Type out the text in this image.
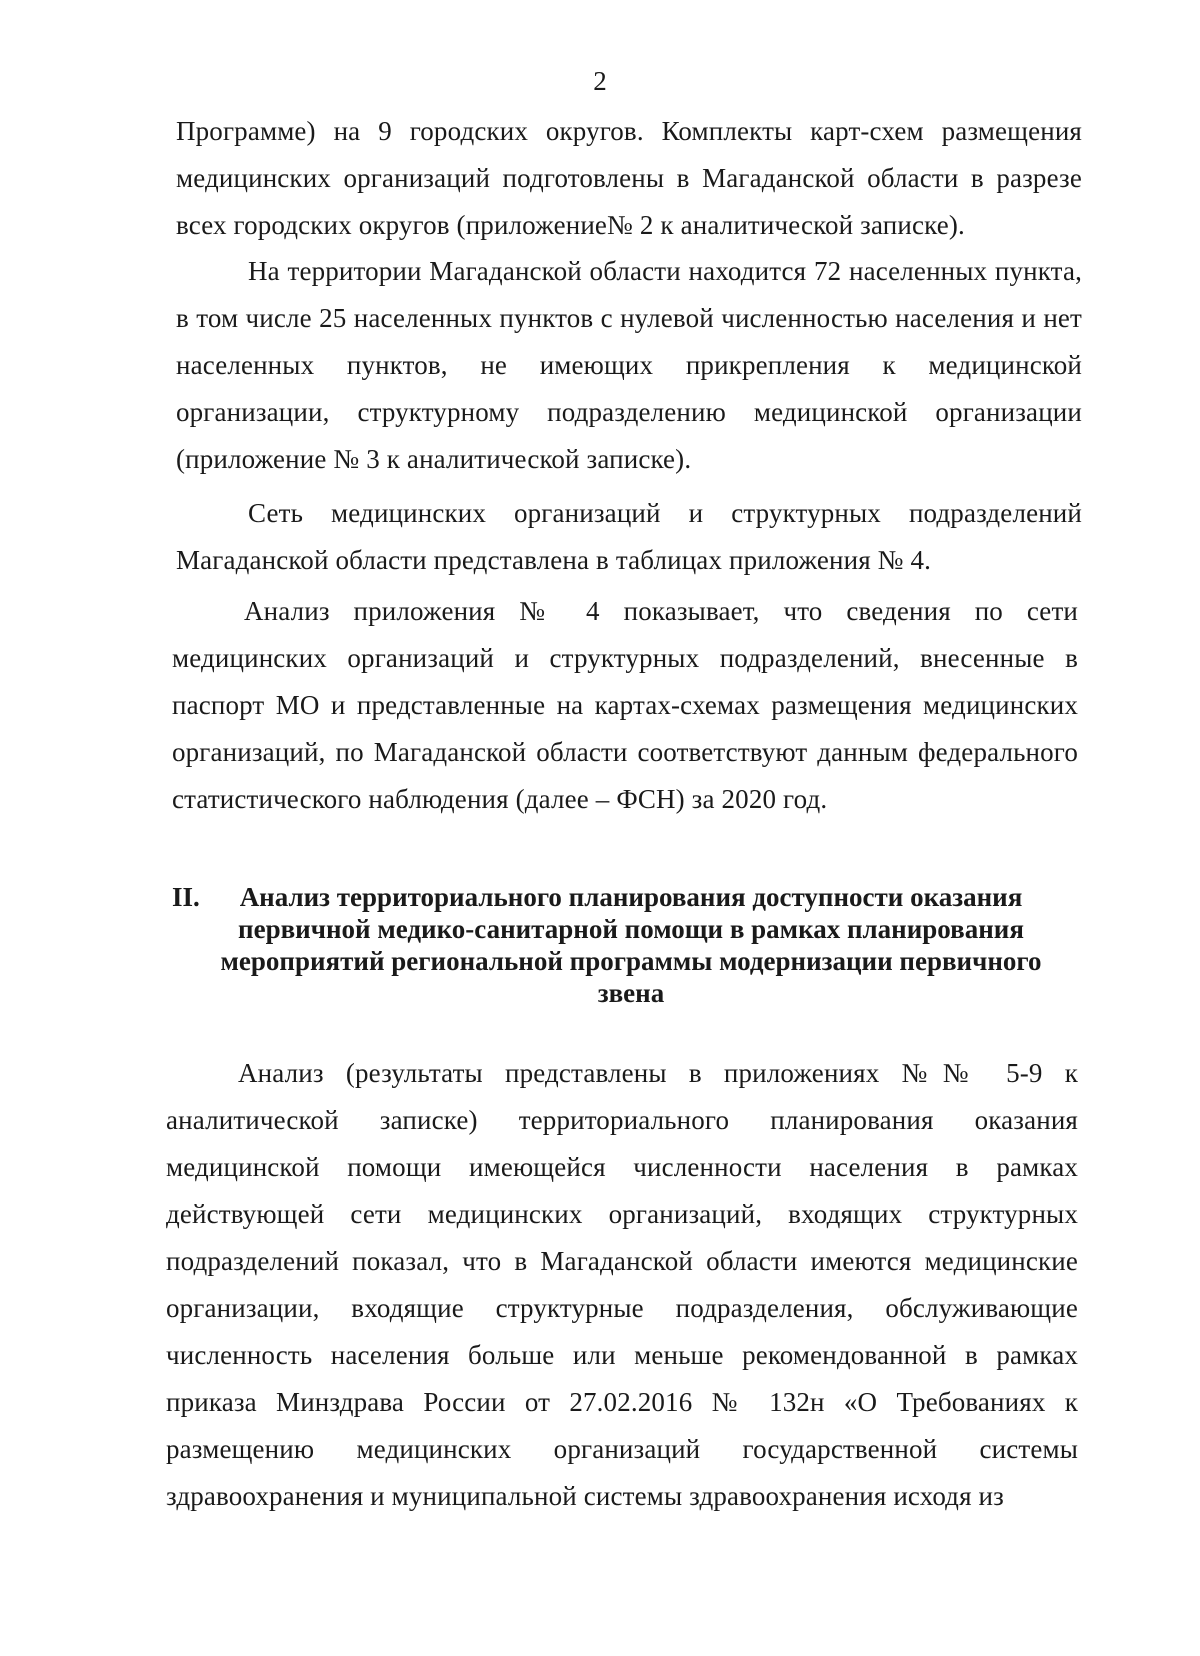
2

Программе) на 9 городских округов. Комплекты карт-схем размещения медицинских организаций подготовлены в Магаданской области в разрезе всех городских округов (приложение№ 2 к аналитической записке).

На территории Магаданской области находится 72 населенных пункта, в том числе 25 населенных пунктов с нулевой численностью населения и нет населенных пунктов, не имеющих прикрепления к медицинской организации, структурному подразделению медицинской организации (приложение № 3 к аналитической записке).

Сеть медицинских организаций и структурных подразделений Магаданской области представлена в таблицах приложения № 4.

Анализ приложения № 4 показывает, что сведения по сети медицинских организаций и структурных подразделений, внесенные в паспорт МО и представленные на картах-схемах размещения медицинских организаций, по Магаданской области соответствуют данным федерального статистического наблюдения (далее – ФСН) за 2020 год.

II.	Анализ территориального планирования доступности оказания первичной медико-санитарной помощи в рамках планирования мероприятий региональной программы модернизации первичного звена

Анализ (результаты представлены в приложениях №№ 5-9 к аналитической записке) территориального планирования оказания медицинской помощи имеющейся численности населения в рамках действующей сети медицинских организаций, входящих структурных подразделений показал, что в Магаданской области имеются медицинские организации, входящие структурные подразделения, обслуживающие численность населения больше или меньше рекомендованной в рамках приказа Минздрава России от 27.02.2016 № 132н «О Требованиях к размещению медицинских организаций государственной системы здравоохранения и муниципальной системы здравоохранения исходя из
